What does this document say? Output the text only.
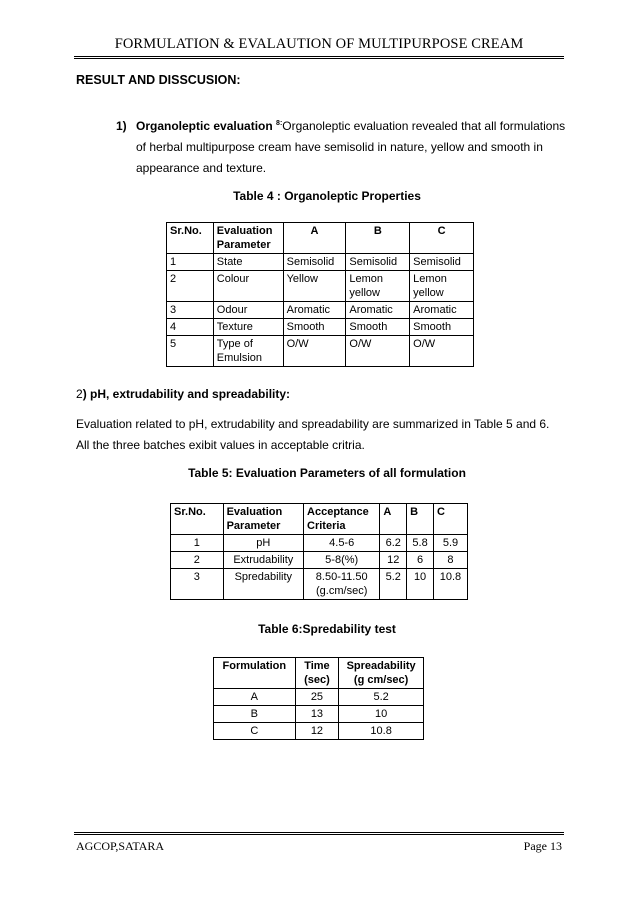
FORMULATION & EVALAUTION OF MULTIPURPOSE CREAM
RESULT AND DISSCUSION:
1) Organoleptic evaluation $^{8:}$Organoleptic evaluation revealed that all formulations
of herbal multipurpose cream have semisolid in nature, yellow and smooth in
appearance and texture.
Table 4 : Organoleptic Properties
Sr.No.	Evaluation Parameter	A	B	C
1	State	Semisolid	Semisolid	Semisolid
2	Colour	Yellow	Lemon yellow	Lemon yellow
3	Odour	Aromatic	Aromatic	Aromatic
4	Texture	Smooth	Smooth	Smooth
5	Type of Emulsion	O/W	O/W	O/W
2) pH, extrudability and spreadability:
Evaluation related to pH, extrudability and spreadability are summarized in Table 5 and 6. All the three batches exibit values in acceptable critria.
Table 5: Evaluation Parameters of all formulation
Sr.No.	Evaluation Parameter	Acceptance Criteria	A	B	C
1	pH	4.5-6	6.2	5.8	5.9
2	Extrudability	5-8(%)	12	6	8
3	Spredability	8.50-11.50 (g.cm/sec)	5.2	10	10.8
Table 6:Spredability test
Formulation	Time (sec)	Spreadability (g cm/sec)
A	25	5.2
B	13	10
C	12	10.8
AGCOP,SATARA	Page 13
